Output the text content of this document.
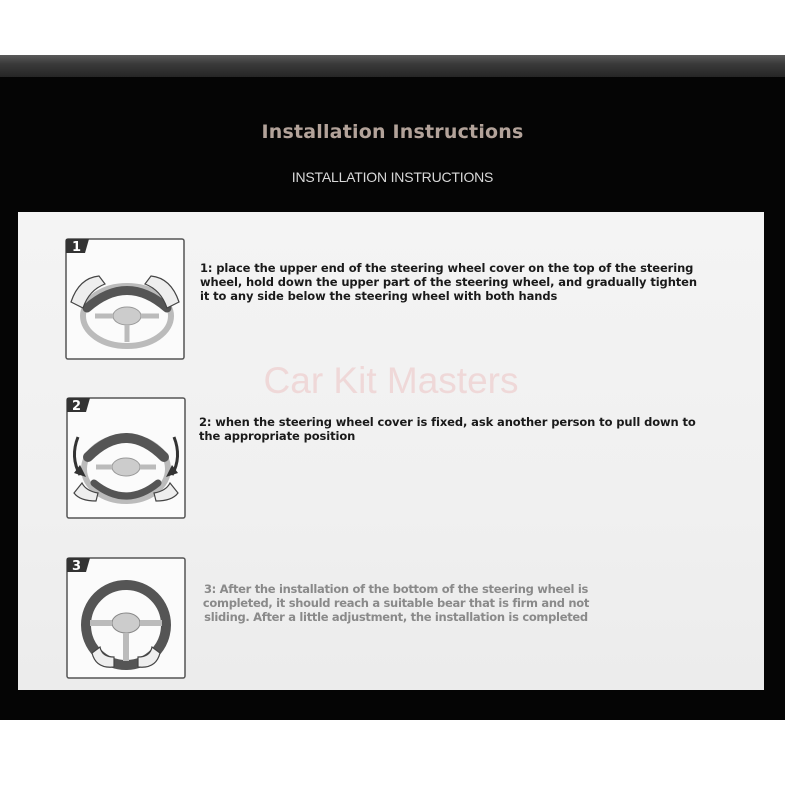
Installation Instructions
INSTALLATION INSTRUCTIONS
Car Kit Masters
1
1: place the upper end of the steering wheel cover on the top of the steering wheel, hold down the upper part of the steering wheel, and gradually tighten it to any side below the steering wheel with both hands
2
2: when the steering wheel cover is fixed, ask another person to pull down to the appropriate position
3
3: After the installation of the bottom of the steering wheel is completed, it should reach a suitable bear that is firm and not sliding. After a little adjustment, the installation is completed
